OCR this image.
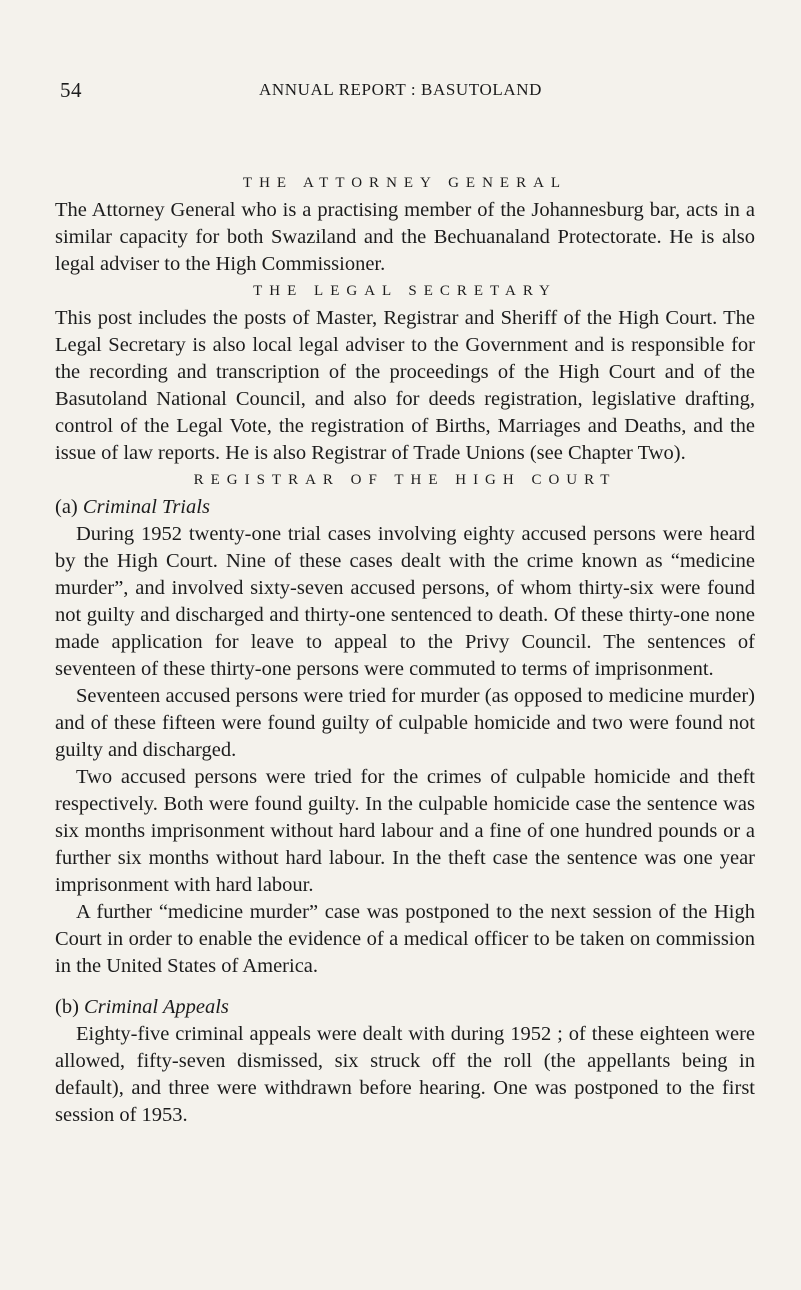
54	ANNUAL REPORT : BASUTOLAND
THE ATTORNEY GENERAL

The Attorney General who is a practising member of the Johannesburg bar, acts in a similar capacity for both Swaziland and the Bechuanaland Protectorate. He is also legal adviser to the High Commissioner.

THE LEGAL SECRETARY

This post includes the posts of Master, Registrar and Sheriff of the High Court. The Legal Secretary is also local legal adviser to the Government and is responsible for the recording and transcription of the proceedings of the High Court and of the Basutoland National Council, and also for deeds registration, legislative drafting, control of the Legal Vote, the registration of Births, Marriages and Deaths, and the issue of law reports. He is also Registrar of Trade Unions (see Chapter Two).

REGISTRAR OF THE HIGH COURT

(a) Criminal Trials

During 1952 twenty-one trial cases involving eighty accused persons were heard by the High Court. Nine of these cases dealt with the crime known as “medicine murder”, and involved sixty-seven accused persons, of whom thirty-six were found not guilty and discharged and thirty-one sentenced to death. Of these thirty-one none made application for leave to appeal to the Privy Council. The sentences of seventeen of these thirty-one persons were commuted to terms of imprisonment.

Seventeen accused persons were tried for murder (as opposed to medicine murder) and of these fifteen were found guilty of culpable homicide and two were found not guilty and discharged.

Two accused persons were tried for the crimes of culpable homicide and theft respectively. Both were found guilty. In the culpable homicide case the sentence was six months imprisonment without hard labour and a fine of one hundred pounds or a further six months without hard labour. In the theft case the sentence was one year imprisonment with hard labour.

A further “medicine murder” case was postponed to the next session of the High Court in order to enable the evidence of a medical officer to be taken on commission in the United States of America.

(b) Criminal Appeals

Eighty-five criminal appeals were dealt with during 1952 ; of these eighteen were allowed, fifty-seven dismissed, six struck off the roll (the appellants being in default), and three were withdrawn before hearing. One was postponed to the first session of 1953.
